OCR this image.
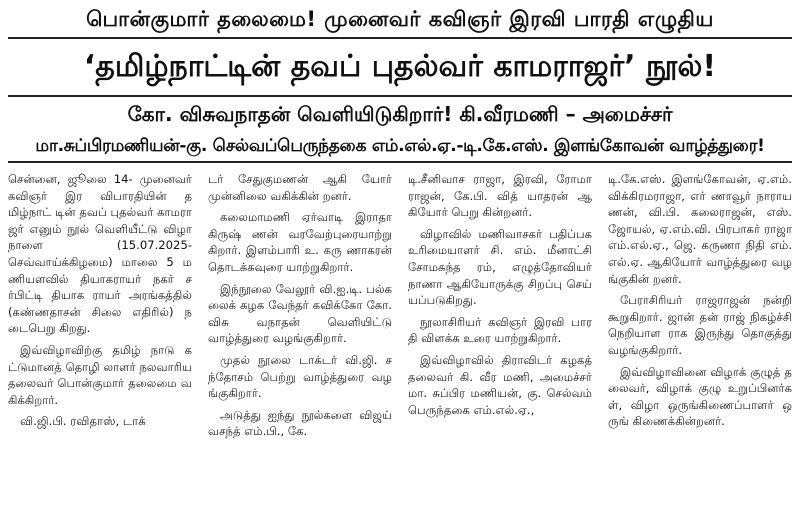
பொன்குமார் தலைமை! முனைவர் கவிஞர் இரவி பாரதி எழுதிய
‘தமிழ்நாட்டின் தவப் புதல்வர் காமராஜர்’ நூல்!
கோ. விசுவநாதன் வெளியிடுகிறார்! கி.வீரமணி – அமைச்சர்
மா.சுப்பிரமணியன்-கு. செல்வப்பெருந்தகை எம்.எல்.ஏ.-டி.கே.எஸ். இளங்கோவன் வாழ்த்துரை!

சென்னை, ஜூலை 14- முனைவர் கவிஞர் இர விபாரதியின் தமிழ்நாட் டின் தவப் புதல்வர் காமரா ஜர் எனும் நூல் வெளியீட்டு விழா நாளை (15.07.2025- செவ்வாய்க்கிழமை) மாலை 5 மணியளவில் தியாகராயர் நகர் சர்பிட்டி தியாக ராயர் அரங்கத்தில் (கண்ணதாசன் சிலை எதிரில்) நடைபெறு கிறது.

இவ்விழாவிற்கு தமிழ் நாடு கட்டுமானத் தொழி லாளர் நலவாரிய தலைவர் பொன்குமார் தலைமை வகிக்கிறார்.

வி.ஜி.பி. ரவிதாஸ், டாக்

டர் சேதுகுமணன் ஆகி யோர் முன்னிலை வகிக்கின் றனர்.

கலைமாமணி ஏர்வாடி இராதா கிருஷ் ணன் வரவேற்புரையாற்று கிறார். இளம்பாரி உ. கரு ணாகரன் தொடக்கவுரை யாற்றுகிறார்.

இந்நூலை வேலூர் வி.ஐ.டி. பல்கலைக் கழக வேந்தர் கவிக்கோ கோ. விசு வநாதன் வெளியிட்டு வாழ்த்துரை வழங்குகிறார்.

முதல் நூலை டாக்டர் வி.ஜி. சந்தோசம் பெற்று வாழ்த்துரை வழங்குகிறார்.

அடுத்து ஐந்து நூல்களை விஜய் வசந்த் எம்.பி., கே.

டி.சீனிவாச ராஜா, இரவி, ரோமா ராஜன், கே.பி. வித் யாதரன் ஆகியோர் பெறு கின்றனர்.

விழாவில் மணிவாசகர் பதிப்பக உரிமையாளர் சி. எம். மீனாட்சி சோமசுந்த ரம், எழுத்தோவியர் நாணா ஆகியோருக்கு சிறப்பு செய் யப்படுகிறது.

நூலாசிரியர் கவிஞர் இரவி பாரதி விளக்க உரை யாற்றுகிறார்.

இவ்விழாவில் திராவிடர் கழகத் தலைவர் கி. வீர மணி, அமைச்சர் மா. சுப்பிர மணியன், கு. செல்வம் பெருந்தகை எம்.எல்.ஏ.,

டி.கே.எஸ். இளங்கோவன், ஏ.எம். விக்கிரமராஜா, எர் ணாவூர் நாராயணன், வி.பி. கலைராஜன், எஸ். ஜோயல், ஏ.எம்.வி. பிரபாகர் ராஜா எம்.எல்.ஏ., ஜெ. கருணா நிதி எம்.எல்.ஏ. ஆகியோர் வாழ்த்துரை வழங்குகின் றனர்.

பேராசிரியர் ராஜராஜன் நன்றி கூறுகிறார். ஜான் தன் ராஜ் நிகழ்ச்சி நெறியாள ராக இருந்து தொகுத்து வழங்குகிறார்.

இவ்விழாவினை விழாக் குழுத் தலைவர், விழாக் குழு உறுப்பினர்கள், விழா ஒருங்கிணைப்பாளர் ஒருங் கிணைக்கின்றனர்.
